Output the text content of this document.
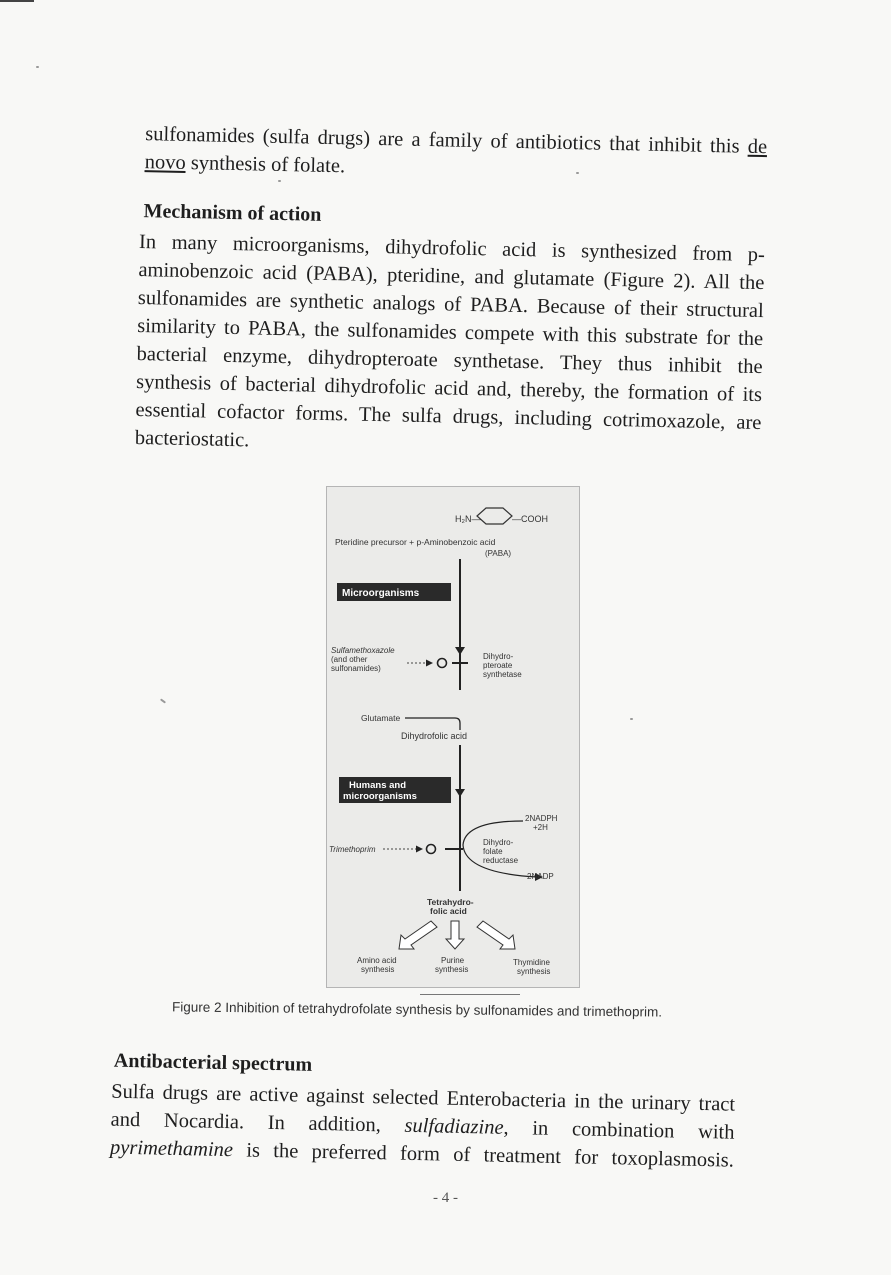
sulfonamides (sulfa drugs) are a family of antibiotics that inhibit this de novo synthesis of folate.
Mechanism of action
In many microorganisms, dihydrofolic acid is synthesized from p-aminobenzoic acid (PABA), pteridine, and glutamate (Figure 2). All the sulfonamides are synthetic analogs of PABA. Because of their structural similarity to PABA, the sulfonamides compete with this substrate for the bacterial enzyme, dihydropteroate synthetase. They thus inhibit the synthesis of bacterial dihydrofolic acid and, thereby, the formation of its essential cofactor forms. The sulfa drugs, including cotrimoxazole, are bacteriostatic.
Antibacterial spectrum
Sulfa drugs are active against selected Enterobacteria in the urinary tract
and Nocardia. In addition, sulfadiazine, in combination with
pyrimethamine is the preferred form of treatment for toxoplasmosis.
H₂N—	—COOH
Pteridine precursor + p-Aminobenzoic acid
(PABA)
Microorganisms
Sulfamethoxazole
(and other
sulfonamides)
Dihydro-
pteroate
synthetase
Glutamate
Dihydrofolic acid
Humans and
microorganisms
2NADPH
+2H
2NADP
Trimethoprim
Dihydro-
folate
reductase
Tetrahydro-
folic acid
Amino acid
synthesis
Purine
synthesis
Thymidine
synthesis
Figure 2 Inhibition of tetrahydrofolate synthesis by sulfonamides and trimethoprim.
- 4 -
